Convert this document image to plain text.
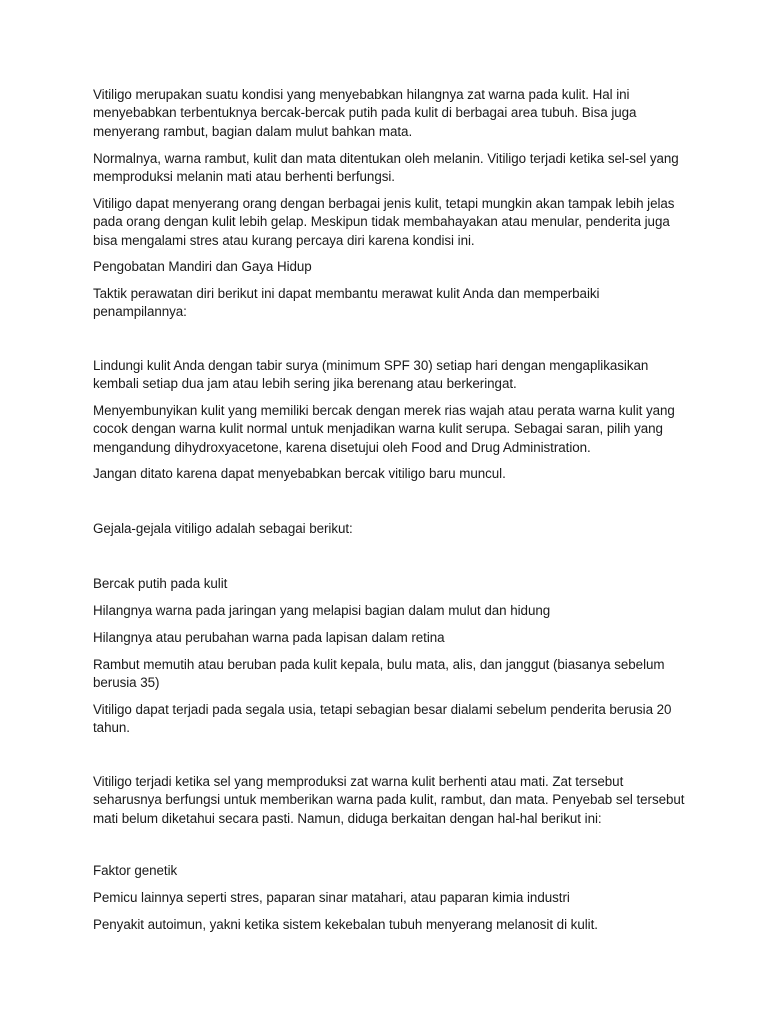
Vitiligo merupakan suatu kondisi yang menyebabkan hilangnya zat warna pada kulit. Hal ini
menyebabkan terbentuknya bercak-bercak putih pada kulit di berbagai area tubuh. Bisa juga
menyerang rambut, bagian dalam mulut bahkan mata.

Normalnya, warna rambut, kulit dan mata ditentukan oleh melanin. Vitiligo terjadi ketika sel-sel yang
memproduksi melanin mati atau berhenti berfungsi.

Vitiligo dapat menyerang orang dengan berbagai jenis kulit, tetapi mungkin akan tampak lebih jelas
pada orang dengan kulit lebih gelap. Meskipun tidak membahayakan atau menular, penderita juga
bisa mengalami stres atau kurang percaya diri karena kondisi ini.

Pengobatan Mandiri dan Gaya Hidup

Taktik perawatan diri berikut ini dapat membantu merawat kulit Anda dan memperbaiki
penampilannya:

Lindungi kulit Anda dengan tabir surya (minimum SPF 30) setiap hari dengan mengaplikasikan
kembali setiap dua jam atau lebih sering jika berenang atau berkeringat.

Menyembunyikan kulit yang memiliki bercak dengan merek rias wajah atau perata warna kulit yang
cocok dengan warna kulit normal untuk menjadikan warna kulit serupa. Sebagai saran, pilih yang
mengandung dihydroxyacetone, karena disetujui oleh Food and Drug Administration.

Jangan ditato karena dapat menyebabkan bercak vitiligo baru muncul.

Gejala-gejala vitiligo adalah sebagai berikut:

Bercak putih pada kulit

Hilangnya warna pada jaringan yang melapisi bagian dalam mulut dan hidung

Hilangnya atau perubahan warna pada lapisan dalam retina

Rambut memutih atau beruban pada kulit kepala, bulu mata, alis, dan janggut (biasanya sebelum
berusia 35)

Vitiligo dapat terjadi pada segala usia, tetapi sebagian besar dialami sebelum penderita berusia 20
tahun.

Vitiligo terjadi ketika sel yang memproduksi zat warna kulit berhenti atau mati. Zat tersebut
seharusnya berfungsi untuk memberikan warna pada kulit, rambut, dan mata. Penyebab sel tersebut
mati belum diketahui secara pasti. Namun, diduga berkaitan dengan hal-hal berikut ini:

Faktor genetik

Pemicu lainnya seperti stres, paparan sinar matahari, atau paparan kimia industri

Penyakit autoimun, yakni ketika sistem kekebalan tubuh menyerang melanosit di kulit.
